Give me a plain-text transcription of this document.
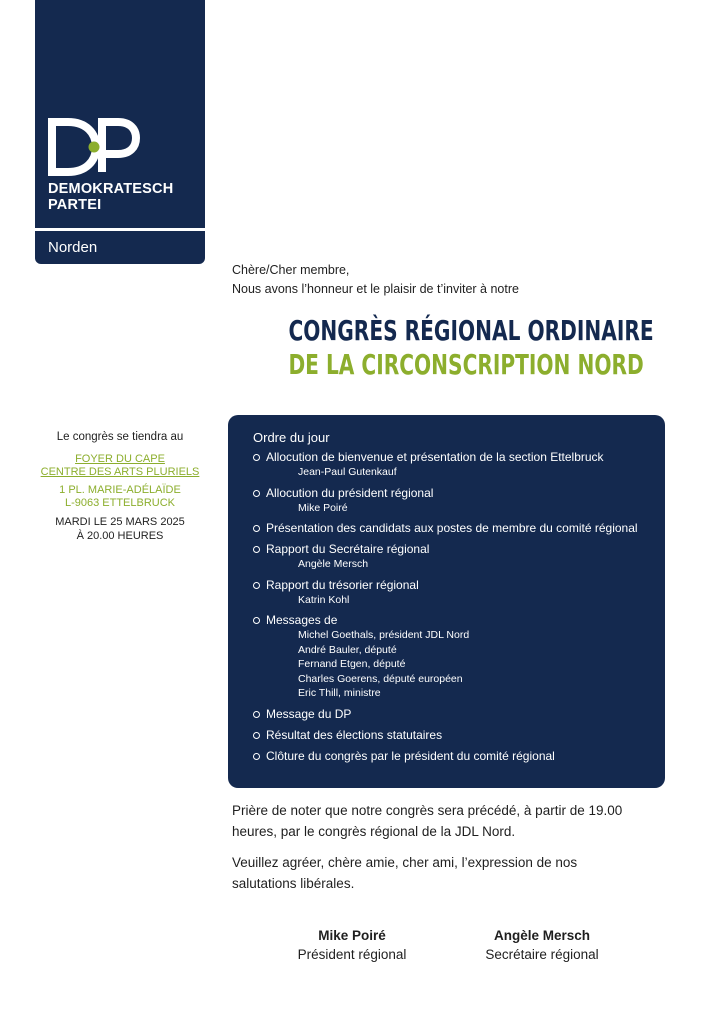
DEMOKRATESCH
PARTEI
Norden
Chère/Cher membre,
Nous avons l’honneur et le plaisir de t’inviter à notre
CONGRÈS RÉGIONAL ORDINAIRE
DE LA CIRCONSCRIPTION NORD
Le congrès se tiendra au
FOYER DU CAPE
CENTRE DES ARTS PLURIELS
1 PL. MARIE-ADÉLAÏDE
L-9063 ETTELBRUCK
MARDI LE 25 MARS 2025
À 20.00 HEURES
Ordre du jour
Allocution de bienvenue et présentation de la section Ettelbruck
Jean-Paul Gutenkauf
Allocution du président régional
Mike Poiré
Présentation des candidats aux postes de membre du comité régional
Rapport du Secrétaire régional
Angèle Mersch
Rapport du trésorier régional
Katrin Kohl
Messages de
Michel Goethals, président JDL Nord
André Bauler, député
Fernand Etgen, député
Charles Goerens, député européen
Eric Thill, ministre
Message du DP
Résultat des élections statutaires
Clôture du congrès par le président du comité régional
Prière de noter que notre congrès sera précédé, à partir de 19.00 heures, par le congrès régional de la JDL Nord.
Veuillez agréer, chère amie, cher ami, l’expression de nos salutations libérales.
Mike Poiré
Président régional
Angèle Mersch
Secrétaire régional
